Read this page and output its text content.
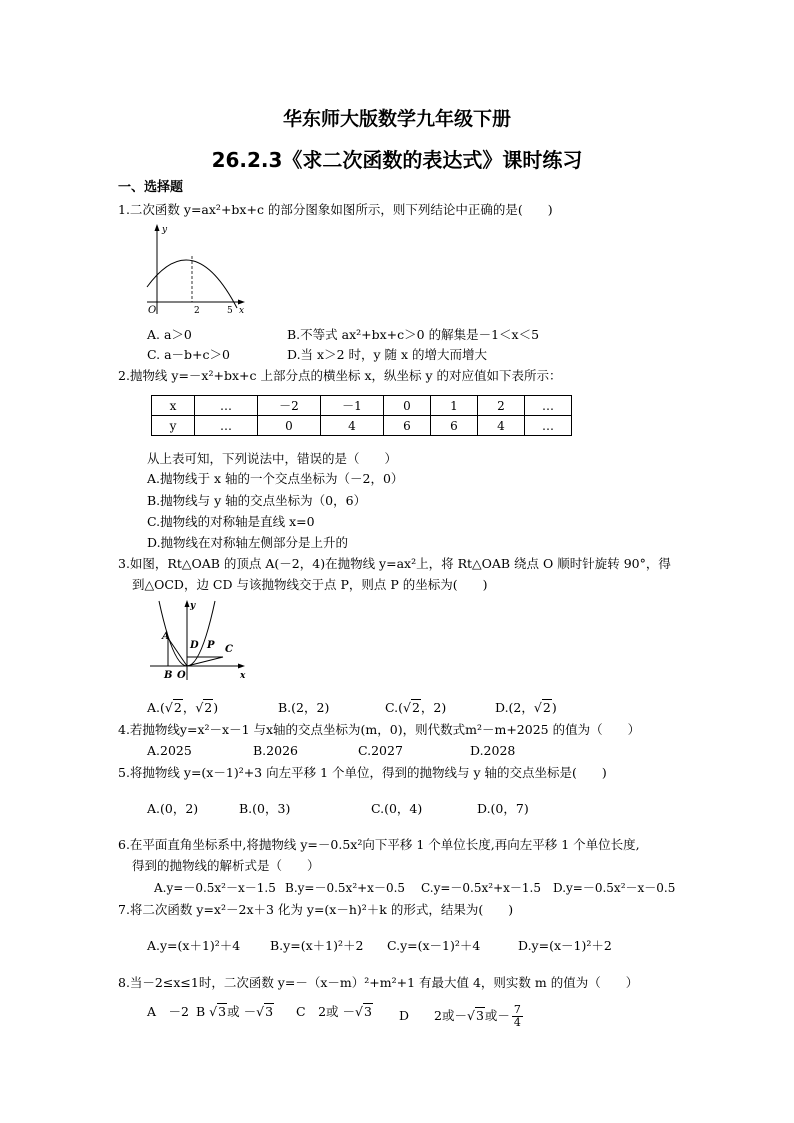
华东师大版数学九年级下册
26.2.3《求二次函数的表达式》课时练习
一、选择题
1.二次函数 y=ax²+bx+c 的部分图象如图所示，则下列结论中正确的是(　　)
y
O	2	5 x
A. a＞0	B.不等式 ax²+bx+c＞0 的解集是－1＜x＜5
C. a－b+c＞0	D.当 x＞2 时，y 随 x 的增大而增大
2.抛物线 y=－x²+bx+c 上部分点的横坐标 x，纵坐标 y 的对应值如下表所示：
x	…	－2	－1	0	1	2	…
y	…	0	4	6	6	4	…
从上表可知，下列说法中，错误的是（　　）
A.抛物线于 x 轴的一个交点坐标为（－2，0）
B.抛物线与 y 轴的交点坐标为（0，6）
C.抛物线的对称轴是直线 x=0
D.抛物线在对称轴左侧部分是上升的
3.如图，Rt△OAB 的顶点 A(－2，4)在抛物线 y=ax²上，将 Rt△OAB 绕点 O 顺时针旋转 90°，得
到△OCD，边 CD 与该抛物线交于点 P，则点 P 的坐标为(　　)
y
A
D P C
B O	x
A.(√2，√2)	B.(2，2)	C.(√2，2)	D.(2，√2)
4.若抛物线y=x²－x－1 与x轴的交点坐标为(m，0)，则代数式m²－m+2025 的值为（　　）
A.2025	B.2026	C.2027	D.2028
5.将抛物线 y=(x－1)²+3 向左平移 1 个单位，得到的抛物线与 y 轴的交点坐标是(　　)
A.(0，2)	B.(0，3)	C.(0，4)	D.(0，7)
6.在平面直角坐标系中,将抛物线 y=－0.5x²向下平移 1 个单位长度,再向左平移 1 个单位长度,
得到的抛物线的解析式是（　　）
A.y=－0.5x²－x－1.5 B.y=－0.5x²+x－0.5 C.y=－0.5x²+x－1.5 D.y=－0.5x²－x－0.5
7.将二次函数 y=x²－2x＋3 化为 y=(x－h)²＋k 的形式，结果为(　　)
A.y=(x＋1)²＋4 B.y=(x＋1)²＋2 C.y=(x－1)²＋4	D.y=(x－1)²＋2
8.当－2≤x≤1时，二次函数 y=－（x－m）²+m²+1 有最大值 4，则实数 m 的值为（　　）
A　－2 B √3或 －√3 C　2或 －√3 D　　2或－√3或－ $\frac{7}{4}$
